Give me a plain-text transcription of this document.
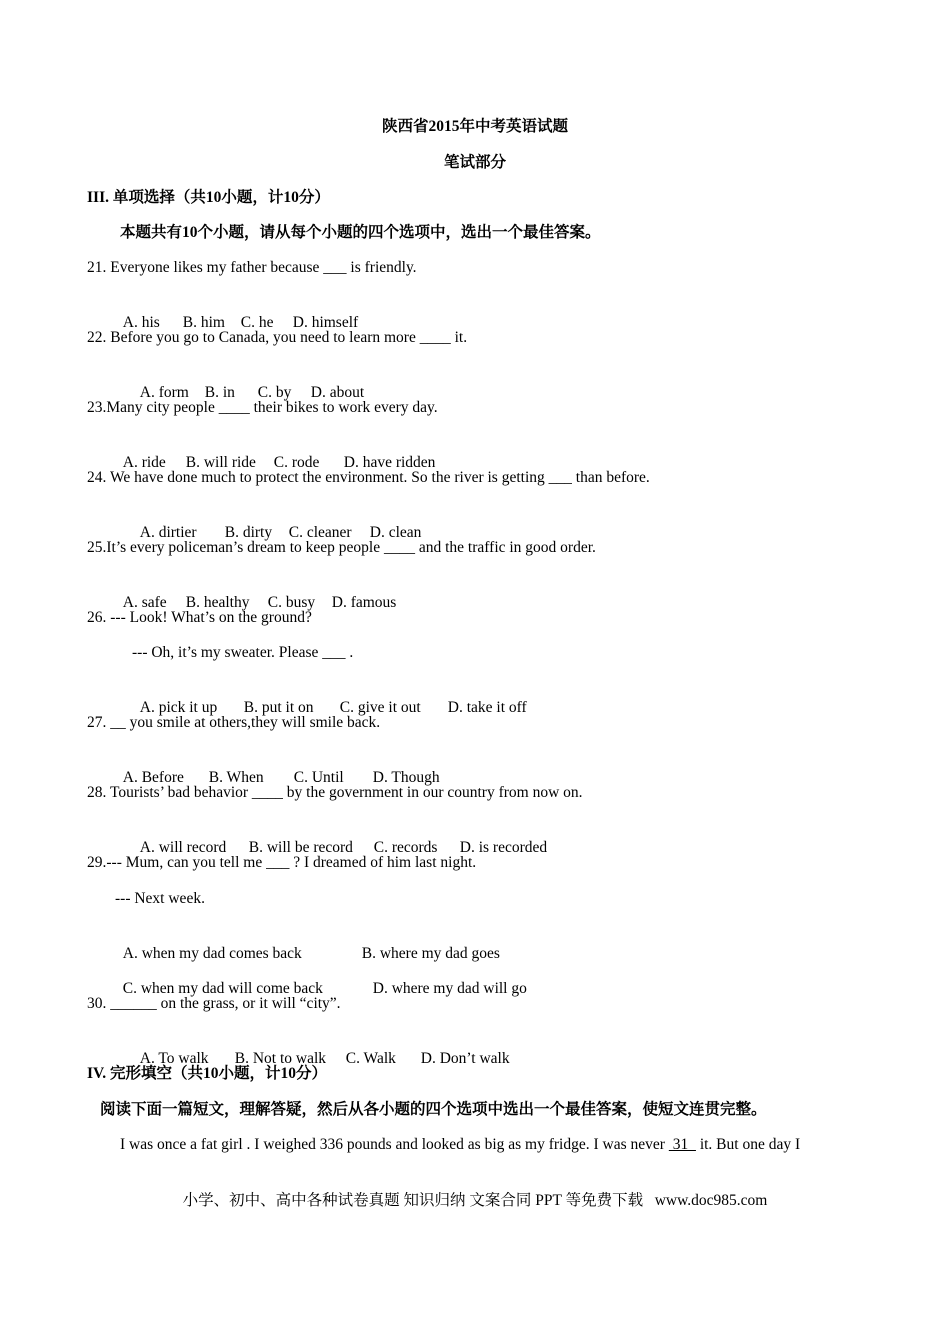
陕西省2015年中考英语试题
笔试部分
III. 单项选择（共10小题，计10分）
本题共有10个小题，请从每个小题的四个选项中，选出一个最佳答案。
21. Everyone likes my father because ___ is friendly.

A. his B. him C. he D. himself

22. Before you go to Canada, you need to learn more ____ it.

A. form B. in C. by D. about

23.Many city people ____ their bikes to work every day.

A. ride B. will ride C. rode D. have ridden

24. We have done much to protect the environment. So the river is getting ___ than before.

A. dirtier B. dirty C. cleaner D. clean

25.It’s every policeman’s dream to keep people ____ and the traffic in good order.

A. safe B. healthy C. busy D. famous

26. --- Look! What’s on the ground?
--- Oh, it’s my sweater. Please ___ .

A. pick it up B. put it on C. give it out D. take it off

27. __ you smile at others,they will smile back.

A. Before B. When C. Until D. Though

28. Tourists’ bad behavior ____ by the government in our country from now on.

A. will record B. will be record C. records D. is recorded

29.--- Mum, can you tell me ___ ? I dreamed of him last night.
--- Next week.

A. when my dad comes back	B. where my dad goes

C. when my dad will come back	D. where my dad will go

30. ______ on the grass, or it will “city”.

A. To walk B. Not to walk C. Walk D. Don’t walk

IV. 完形填空（共10小题，计10分）
阅读下面一篇短文，理解答疑，然后从各小题的四个选项中选出一个最佳答案，使短文连贯完整。
I was once a fat girl . I weighed 336 pounds and looked as big as my fridge. I was never  31   it. But one day I
小学、初中、高中各种试卷真题 知识归纳 文案合同 PPT 等免费下载   www.doc985.com
